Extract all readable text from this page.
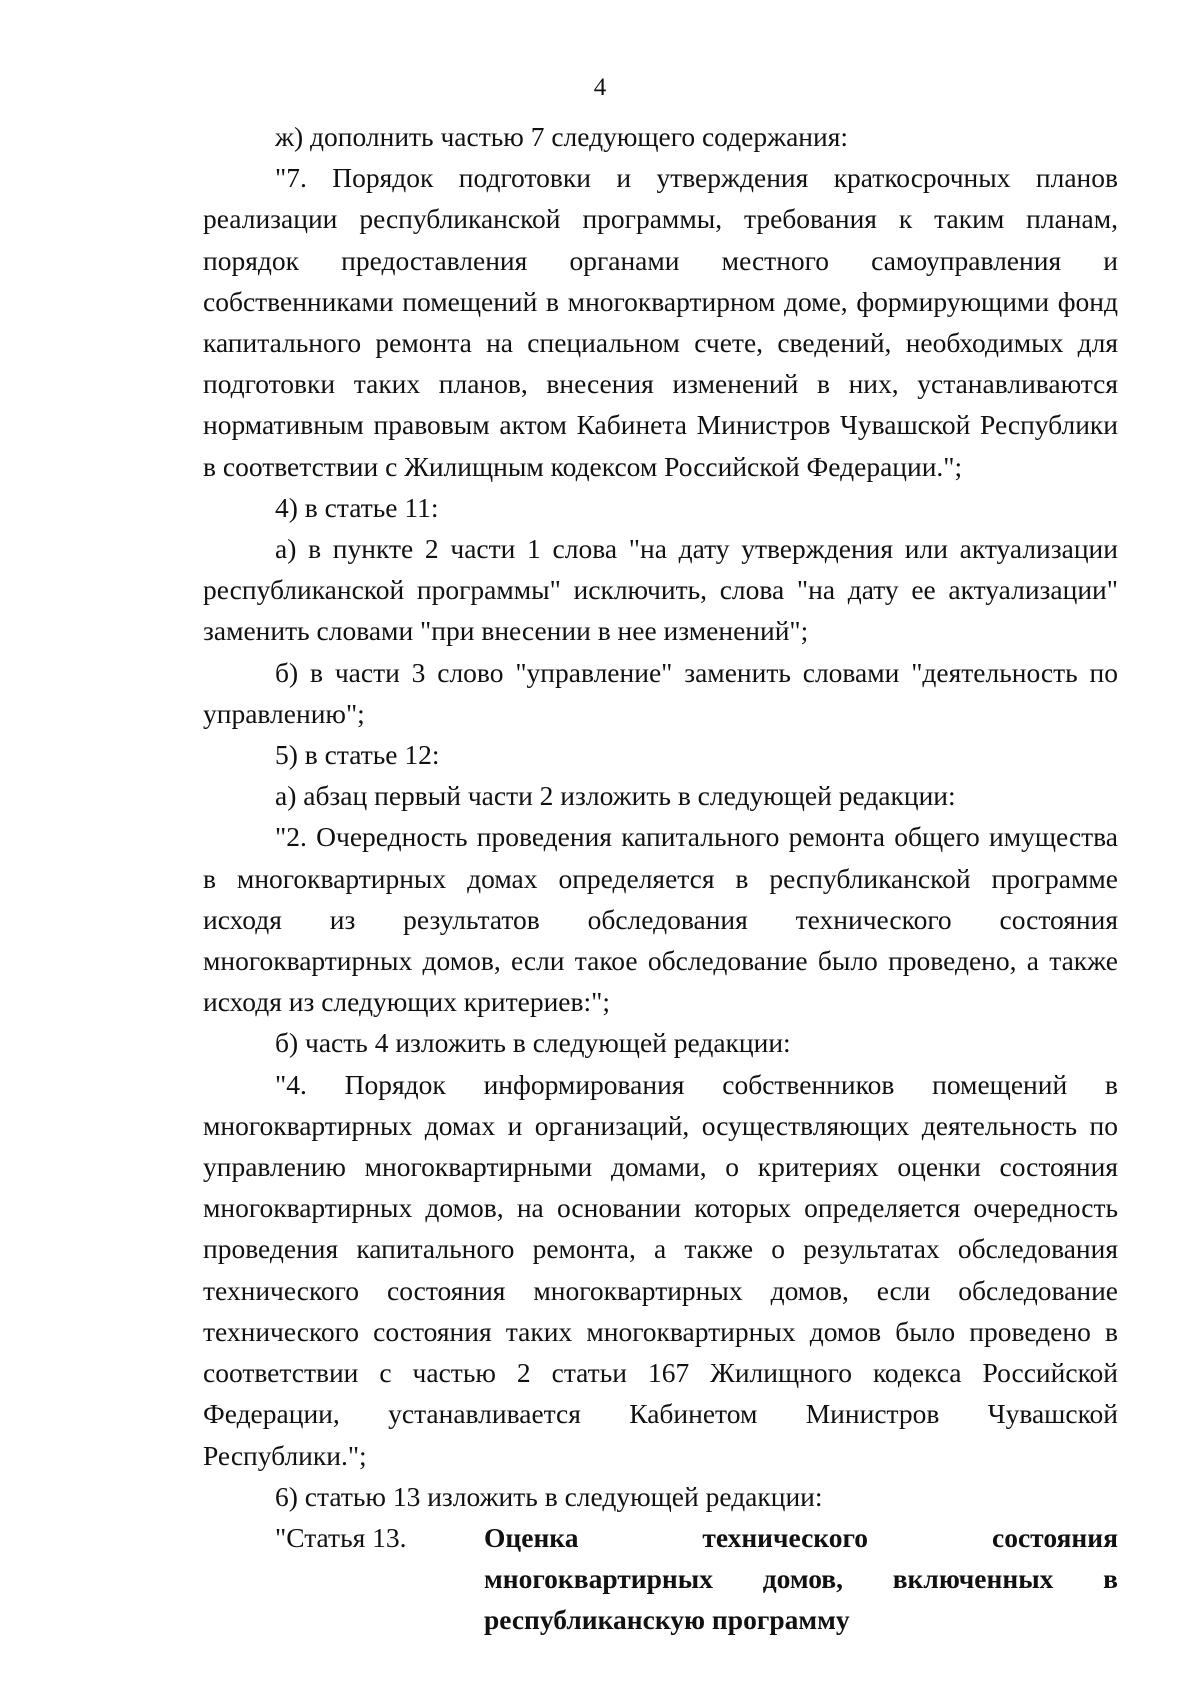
4

ж) дополнить частью 7 следующего содержания:

"7. Порядок подготовки и утверждения краткосрочных планов реализации республиканской программы, требования к таким планам, порядок предоставления органами местного самоуправления и собственниками помещений в многоквартирном доме, формирующими фонд капитального ремонта на специальном счете, сведений, необходимых для подготовки таких планов, внесения изменений в них, устанавливаются нормативным правовым актом Кабинета Министров Чувашской Республики в соответствии с Жилищным кодексом Российской Федерации.";

4) в статье 11:

а) в пункте 2 части 1 слова "на дату утверждения или актуализации республиканской программы" исключить, слова "на дату ее актуализации" заменить словами "при внесении в нее изменений";

б) в части 3 слово "управление" заменить словами "деятельность по управлению";

5) в статье 12:

а) абзац первый части 2 изложить в следующей редакции:

"2. Очередность проведения капитального ремонта общего имущества в многоквартирных домах определяется в республиканской программе исходя из результатов обследования технического состояния многоквартирных домов, если такое обследование было проведено, а также исходя из следующих критериев:";

б) часть 4 изложить в следующей редакции:

"4. Порядок информирования собственников помещений в многоквартирных домах и организаций, осуществляющих деятельность по управлению многоквартирными домами, о критериях оценки состояния многоквартирных домов, на основании которых определяется очередность проведения капитального ремонта, а также о результатах обследования технического состояния многоквартирных домов, если обследование технического состояния таких многоквартирных домов было проведено в соответствии с частью 2 статьи 167 Жилищного кодекса Российской Федерации, устанавливается Кабинетом Министров Чувашской Республики.";

6) статью 13 изложить в следующей редакции:

"Статья 13.	Оценка технического состояния многоквартирных домов, включенных в республиканскую программу
